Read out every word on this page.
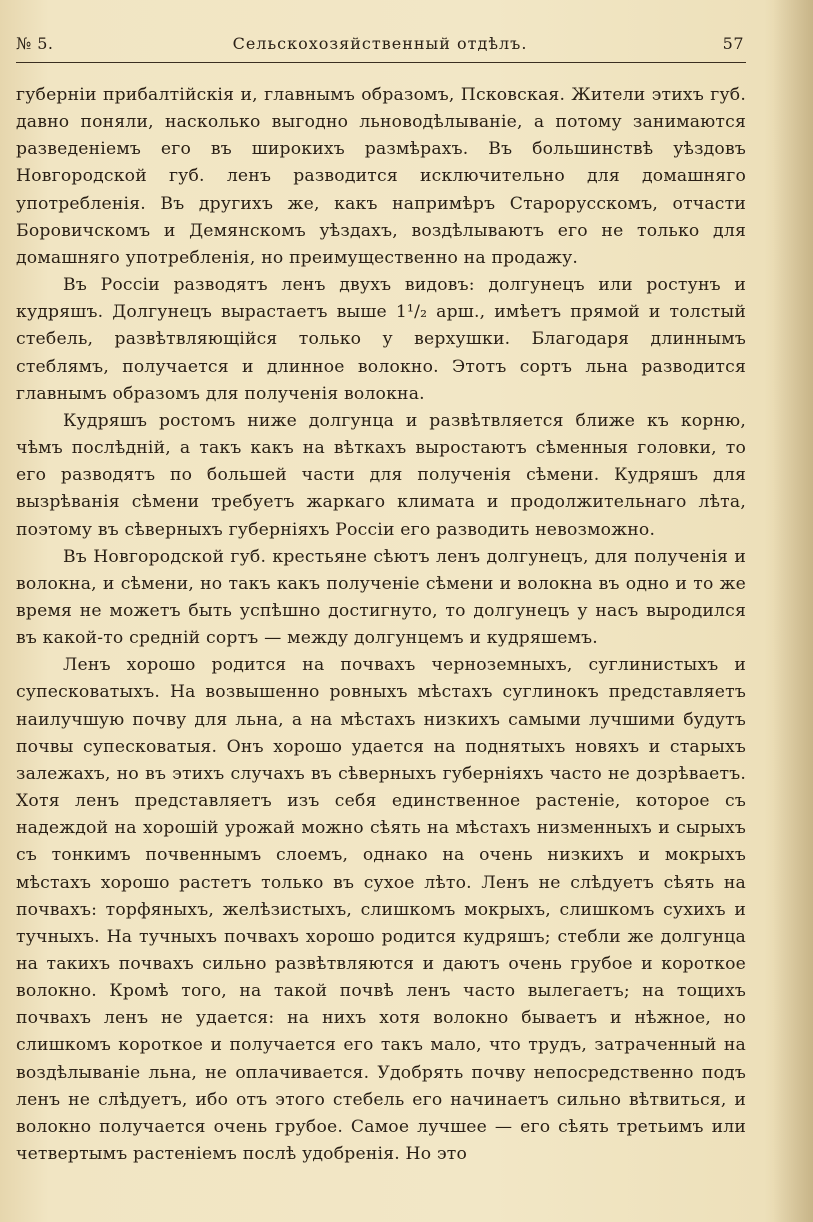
№ 5.	Сельскохозяйственный отдѣлъ.	57

губерніи прибалтійскія и, главнымъ образомъ, Псковская. Жители этихъ губ. давно поняли, насколько выгодно льноводѣлываніе, а потому занимаются разведеніемъ его въ широкихъ размѣрахъ. Въ большинствѣ уѣздовъ Новгородской губ. ленъ разводится исключительно для домашняго употребленія. Въ другихъ же, какъ напримѣръ Старорусскомъ, отчасти Боровичскомъ и Демянскомъ уѣздахъ, воздѣлываютъ его не только для домашняго употребленія, но преимущественно на продажу.

Въ Россіи разводятъ ленъ двухъ видовъ: долгунецъ или ростунъ и кудряшъ. Долгунецъ вырастаетъ выше 1¹/₂ арш., имѣетъ прямой и толстый стебель, развѣтвляющійся только у верхушки. Благодаря длиннымъ стеблямъ, получается и длинное волокно. Этотъ сортъ льна разводится главнымъ образомъ для полученія волокна.

Кудряшъ ростомъ ниже долгунца и развѣтвляется ближе къ корню, чѣмъ послѣдній, а такъ какъ на вѣткахъ выростаютъ сѣменныя головки, то его разводятъ по большей части для полученія сѣмени. Кудряшъ для вызрѣванія сѣмени требуетъ жаркаго климата и продолжительнаго лѣта, поэтому въ сѣверныхъ губерніяхъ Россіи его разводить невозможно.

Въ Новгородской губ. крестьяне сѣютъ ленъ долгунецъ, для полученія и волокна, и сѣмени, но такъ какъ полученіе сѣмени и волокна въ одно и то же время не можетъ быть успѣшно достигнуто, то долгунецъ у насъ выродился въ какой-то средній сортъ — между долгунцемъ и кудряшемъ.

Ленъ хорошо родится на почвахъ черноземныхъ, суглинистыхъ и супесковатыхъ. На возвышенно ровныхъ мѣстахъ суглинокъ представляетъ наилучшую почву для льна, а на мѣстахъ низкихъ самыми лучшими будутъ почвы супесковатыя. Онъ хорошо удается на поднятыхъ новяхъ и старыхъ залежахъ, но въ этихъ случахъ въ сѣверныхъ губерніяхъ часто не дозрѣваетъ. Хотя ленъ представляетъ изъ себя единственное растеніе, которое съ надеждой на хорошій урожай можно сѣять на мѣстахъ низменныхъ и сырыхъ съ тонкимъ почвеннымъ слоемъ, однако на очень низкихъ и мокрыхъ мѣстахъ хорошо растетъ только въ сухое лѣто. Ленъ не слѣдуетъ сѣять на почвахъ: торфяныхъ, желѣзистыхъ, слишкомъ мокрыхъ, слишкомъ сухихъ и тучныхъ. На тучныхъ почвахъ хорошо родится кудряшъ; стебли же долгунца на такихъ почвахъ сильно развѣтвляются и даютъ очень грубое и короткое волокно. Кромѣ того, на такой почвѣ ленъ часто вылегаетъ; на тощихъ почвахъ ленъ не удается: на нихъ хотя волокно бываетъ и нѣжное, но слишкомъ короткое и получается его такъ мало, что трудъ, затраченный на воздѣлываніе льна, не оплачивается. Удобрять почву непосредственно подъ ленъ не слѣдуетъ, ибо отъ этого стебель его начинаетъ сильно вѣтвиться, и волокно получается очень грубое. Самое лучшее — его сѣять третьимъ или четвертымъ растеніемъ послѣ удобренія. Но это
